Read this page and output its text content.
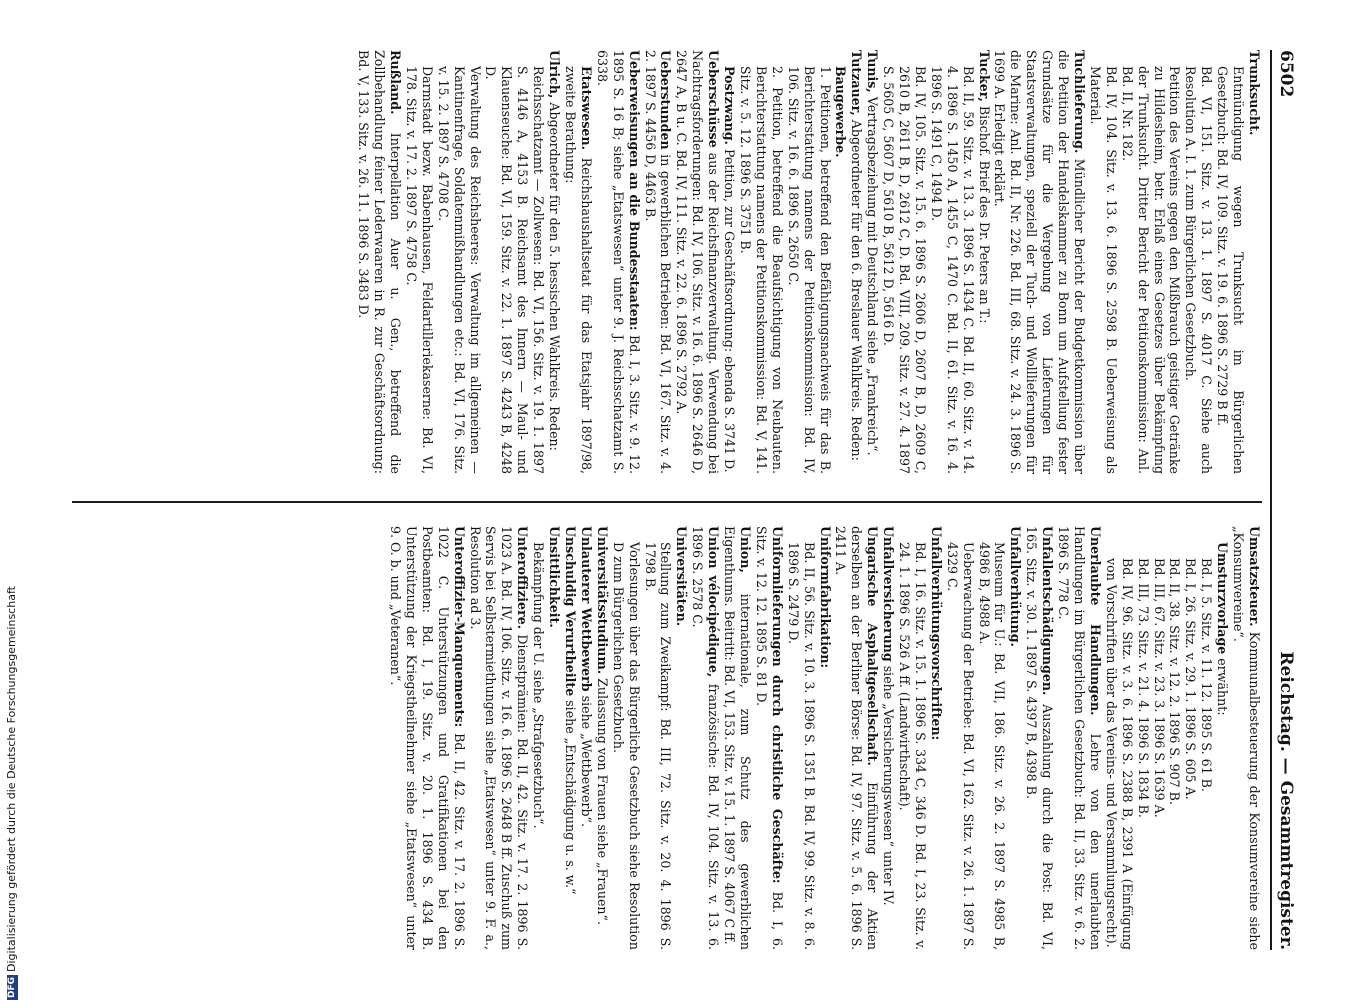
6502
Reichstag. — Gesammtregister.

Trunksucht.

Entmündigung wegen Trunksucht im Bürgerlichen Gesetzbuch: Bd. IV, 109. Sitz. v. 19. 6. 1896 S. 2729 B ff.

Bd. VI, 151. Sitz. v. 13. 1. 1897 S. 4017 C. Siehe auch Resolution A. I. 1. zum Bürgerlichen Gesetzbuch.

Petition des Vereins gegen den Mißbrauch geistiger Getränke zu Hildesheim, betr. Erlaß eines Gesetzes über Bekämpfung der Trunksucht. Dritter Bericht der Petitionskommission: Anl. Bd. II, Nr. 182.

Bd. IV, 104. Sitz. v. 13. 6. 1896 S. 2598 B. Ueberweisung als Material.

Tuchlieferung. Mündlicher Bericht der Budgetkommission über die Petition der Handelskammer zu Bonn um Aufstellung fester Grundsätze für die Vergebung von Lieferungen für Staatsverwaltungen, speziell der Tuch- und Wolllieferungen für die Marine: Anl. Bd. II, Nr. 226. Bd. III, 68. Sitz. v. 24. 3. 1896 S. 1699 A. Erledigt erklärt.

Tucker, Bischof. Brief des Dr. Peters an T.:

Bd. II, 59. Sitz. v. 13. 3. 1896 S. 1434 C. Bd. II, 60. Sitz. v. 14. 4. 1896 S. 1450 A, 1455 C, 1470 C. Bd. II, 61. Sitz. v. 16. 4. 1896 S. 1491 C, 1494 D.

Bd. IV, 105. Sitz. v. 15. 6. 1896 S. 2606 D, 2607 B, D, 2609 C, 2610 B, 2611 B, D, 2612 C, D. Bd. VIII, 209. Sitz. v. 27. 4. 1897 S. 5605 C, 5607 D, 5610 B, 5612 D, 5616 D.

Tunis, Vertragsbeziehung mit Deutschland siehe „Frankreich“.

Tutzauer, Abgeordneter für den 6. Breslauer Wahlkreis. Reden:

Baugewerbe.

1. Petitionen, betreffend den Befähigungsnachweis für das B. Berichterstattung namens der Petitionskommission: Bd. IV, 106. Sitz. v. 16. 6. 1896 S. 2650 C.

2. Petition, betreffend die Beaufsichtigung von Neubauten. Berichterstattung namens der Petitionskommission: Bd. V, 141. Sitz. v. 5. 12. 1896 S. 3751 B.

Postzwang. Petition, zur Geschäftsordnung: ebenda S. 3741 D.

Ueberschüsse aus der Reichsfinanzverwaltung. Verwendung bei Nachtragsforderungen: Bd. IV, 106. Sitz. v. 16. 6. 1896 S. 2646 D, 2647 A, B u. C. Bd. IV, 111. Sitz. v. 22. 6. 1896 S. 2792 A.

Ueberstunden in gewerblichen Betrieben: Bd. VI, 167. Sitz. v. 4. 2. 1897 S. 4456 D, 4463 B.

Ueberweisungen an die Bundesstaaten: Bd. I, 3. Sitz. v. 9. 12. 1895 S. 16 B; siehe „Etatswesen“ unter 9. J. Reichsschatzamt S. 6338.

Etatswesen. Reichshaushaltsetat für das Etatsjahr 1897/98, zweite Berathung:

Ulrich, Abgeordneter für den 5. hessischen Wahlkreis. Reden:

Reichsschatzamt — Zollwesen: Bd. VI, 156. Sitz. v. 19. 1. 1897 S. 4146 A, 4153 B. Reichsamt des Innern — Maul- und Klauenseuche: Bd. VI, 159. Sitz. v. 22. 1. 1897 S. 4243 B, 4248 D.

Verwaltung des Reichsheeres: Verwaltung im allgemeinen — Kantinenfrage, Soldatenmißhandlungen etc.: Bd. VI, 176. Sitz. v. 15. 2. 1897 S. 4708 C.

Darmstadt bezw. Babenhausen, Feldartilleriekaserne: Bd. VI, 178. Sitz. v. 17. 2. 1897 S. 4758 C.

Rußland. Interpellation Auer u. Gen., betreffend die Zollbehandlung feiner Lederwaaren in R. zur Geschäftsordnung: Bd. V, 133. Sitz. v. 26. 11. 1896 S. 3483 D.

Umsatzsteuer. Kommunalbesteuerung der Konsumvereine siehe „Konsumvereine“.

Umsturzvorlage erwähnt:

Bd. I, 5. Sitz. v. 11. 12. 1895 S. 61 B.

Bd. I, 26. Sitz. v. 29. 1. 1896 S. 605 A.

Bd. II, 38. Sitz. v. 12. 2. 1896 S. 907 B.

Bd. III, 67. Sitz. v. 23. 3. 1896 S. 1639 A.

Bd. III, 73. Sitz. v. 21. 4. 1896 S. 1834 B.

Bd. IV, 96. Sitz. v. 3. 6. 1896 S. 2388 B, 2391 A (Einfügung von Vorschriften über das Vereins- und Versammlungsrecht).

Unerlaubte Handlungen. Lehre von den unerlaubten Handlungen im Bürgerlichen Gesetzbuch: Bd. II, 33. Sitz. v. 6. 2. 1896 S. 778 C.

Unfallentschädigungen. Auszahlung durch die Post: Bd. VI, 165. Sitz. v. 30. 1. 1897 S. 4397 B, 4398 B.

Unfallverhütung.

Museum für U.: Bd. VII, 186. Sitz. v. 26. 2. 1897 S. 4985 B, 4986 B, 4988 A.

Ueberwachung der Betriebe: Bd. VI, 162. Sitz. v. 26. 1. 1897 S. 4329 C.

Unfallverhütungsvorschriften:

Bd. I, 16. Sitz. v. 15. 1. 1896 S. 334 C, 346 D. Bd. I, 23. Sitz. v. 24. 1. 1896 S. 526 A ff. (Landwirthschaft).

Unfallversicherung siehe „Versicherungswesen“ unter IV.

Ungarische Asphaltgesellschaft. Einführung der Aktien derselben an der Berliner Börse: Bd. IV, 97. Sitz. v. 5. 6. 1896 S. 2411 A.

Uniformfabrikation:

Bd. II, 56. Sitz. v. 10. 3. 1896 S. 1351 B. Bd. IV, 99. Sitz. v. 8. 6. 1896 S. 2479 D.

Uniformlieferungen durch christliche Geschäfte: Bd. I, 6. Sitz. v. 12. 12. 1895 S. 81 D.

Union, internationale, zum Schutz des gewerblichen Eigenthums. Beitritt: Bd. VI, 153. Sitz. v. 15. 1. 1897 S. 4067 C ff.

Union vélocipédique, französische: Bd. IV, 104. Sitz. v. 13. 6. 1896 S. 2578 C.

Universitäten.

Stellung zum Zweikampf: Bd. III, 72. Sitz. v. 20. 4. 1896 S. 1798 B.

Vorlesungen über das Bürgerliche Gesetzbuch siehe Resolution D zum Bürgerlichen Gesetzbuch.

Universitätsstudium. Zulassung von Frauen siehe „Frauen“.

Unlauterer Wettbewerb siehe „Wettbewerb“.

Unschuldig Verurtheilte siehe „Entschädigung u. s. w.“

Unsittlichkeit.

Bekämpfung der U. siehe „Strafgesetzbuch“.

Unteroffiziere. Dienstprämien: Bd. II, 42. Sitz. v. 17. 2. 1896 S. 1023 A. Bd. IV, 106. Sitz. v. 16. 6. 1896 S. 2648 B ff. Zuschuß zum Servis bei Selbstermiethungen siehe „Etatswesen“ unter 9. F. a., Resolution ad 3.

Unteroffizier-Manquements: Bd. II, 42. Sitz. v. 17. 2. 1896 S. 1022 C. Unterstützungen und Gratifikationen bei den Postbeamten: Bd. I, 19. Sitz. v. 20. 1. 1896 S. 434 B. Unterstützung der Kriegstheilnehmer siehe „Etatswesen“ unter 9. O. b. und „Veteranen“.

DFGDigitalisierung gefördert durch die Deutsche Forschungsgemeinschaft
